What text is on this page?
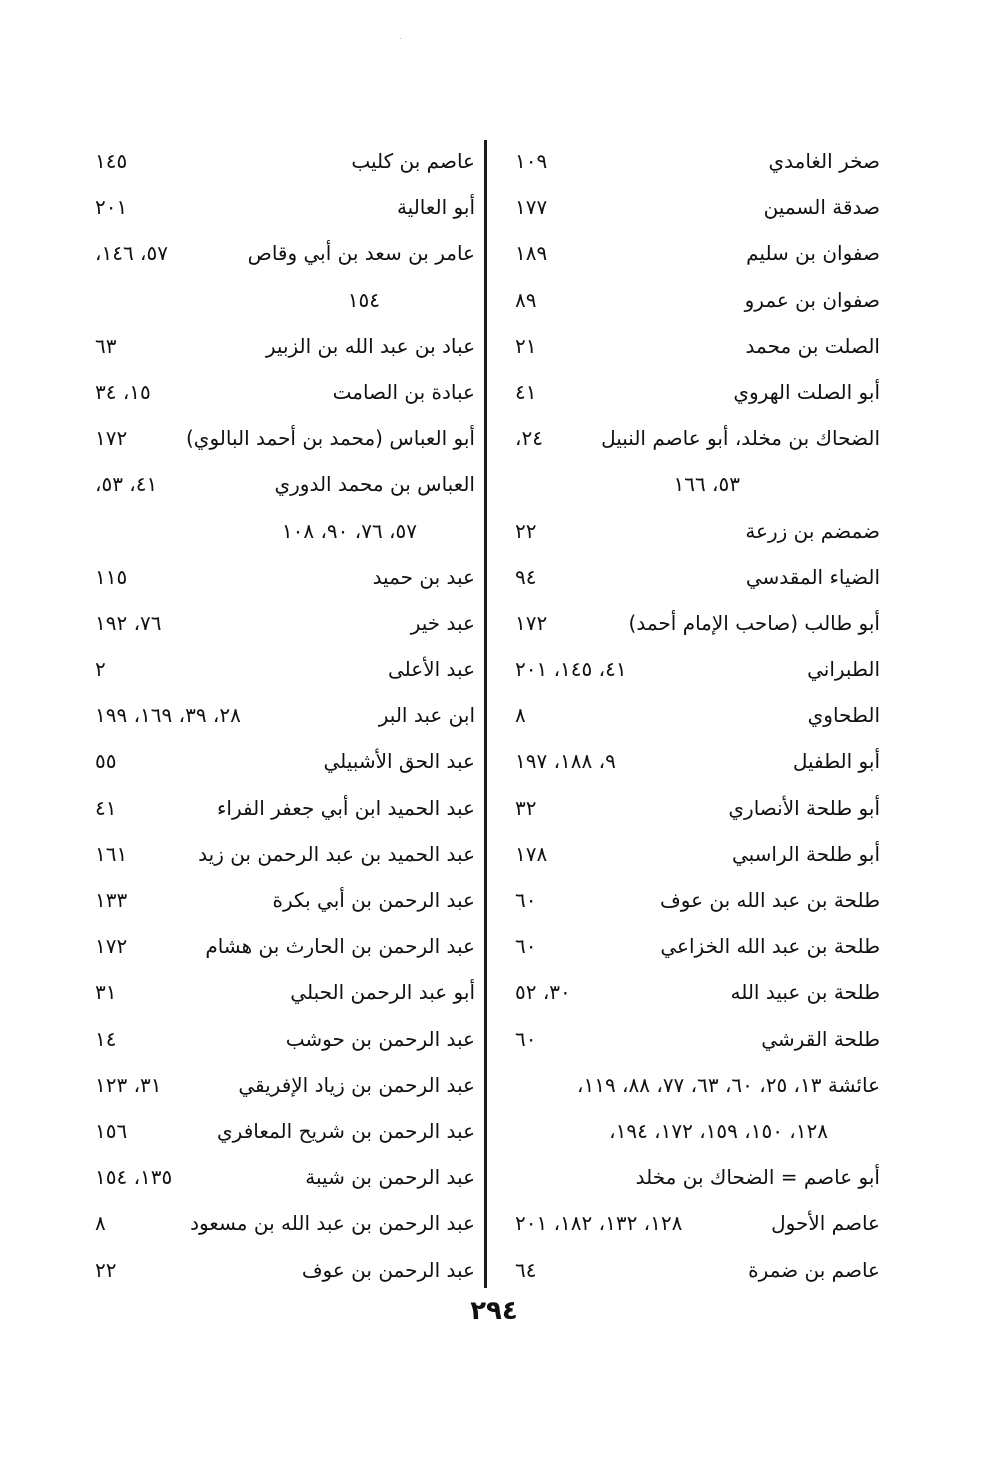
صخر الغامدي
١٠٩
صدقة السمين
١٧٧
صفوان بن سليم
١٨٩
صفوان بن عمرو
٨٩
الصلت بن محمد
٢١
أبو الصلت الهروي
٤١
الضحاك بن مخلد، أبو عاصم النبيل
٢٤،
٥٣، ١٦٦
ضمضم بن زرعة
٢٢
الضياء المقدسي
٩٤
أبو طالب (صاحب الإمام أحمد)
١٧٢
الطبراني
٤١، ١٤٥، ٢٠١
الطحاوي
٨
أبو الطفيل
٩، ١٨٨، ١٩٧
أبو طلحة الأنصاري
٣٢
أبو طلحة الراسبي
١٧٨
طلحة بن عبد الله بن عوف
٦٠
طلحة بن عبد الله الخزاعي
٦٠
طلحة بن عبيد الله
٣٠، ٥٢
طلحة القرشي
٦٠
عائشة ١٣، ٢٥، ٦٠، ٦٣، ٧٧، ٨٨، ١١٩،
١٢٨، ١٥٠، ١٥٩، ١٧٢، ١٩٤،
أبو عاصم = الضحاك بن مخلد
عاصم الأحول
١٢٨، ١٣٢، ١٨٢، ٢٠١
عاصم بن ضمرة
٦٤
عاصم بن كليب
١٤٥
أبو العالية
٢٠١
عامر بن سعد بن أبي وقاص
٥٧، ١٤٦،
١٥٤
عباد بن عبد الله بن الزبير
٦٣
عبادة بن الصامت
١٥، ٣٤
أبو العباس (محمد بن أحمد البالوي)
١٧٢
العباس بن محمد الدوري
٤١، ٥٣،
٥٧، ٧٦، ٩٠، ١٠٨
عبد بن حميد
١١٥
عبد خير
٧٦، ١٩٢
عبد الأعلى
٢
ابن عبد البر
٢٨، ٣٩، ١٦٩، ١٩٩
عبد الحق الأشبيلي
٥٥
عبد الحميد ابن أبي جعفر الفراء
٤١
عبد الحميد بن عبد الرحمن بن زيد
١٦١
عبد الرحمن بن أبي بكرة
١٣٣
عبد الرحمن بن الحارث بن هشام
١٧٢
أبو عبد الرحمن الحبلي
٣١
عبد الرحمن بن حوشب
١٤
عبد الرحمن بن زياد الإفريقي
٣١، ١٢٣
عبد الرحمن بن شريح المعافري
١٥٦
عبد الرحمن بن شيبة
١٣٥، ١٥٤
عبد الرحمن بن عبد الله بن مسعود
٨
عبد الرحمن بن عوف
٢٢
٢٩٤
